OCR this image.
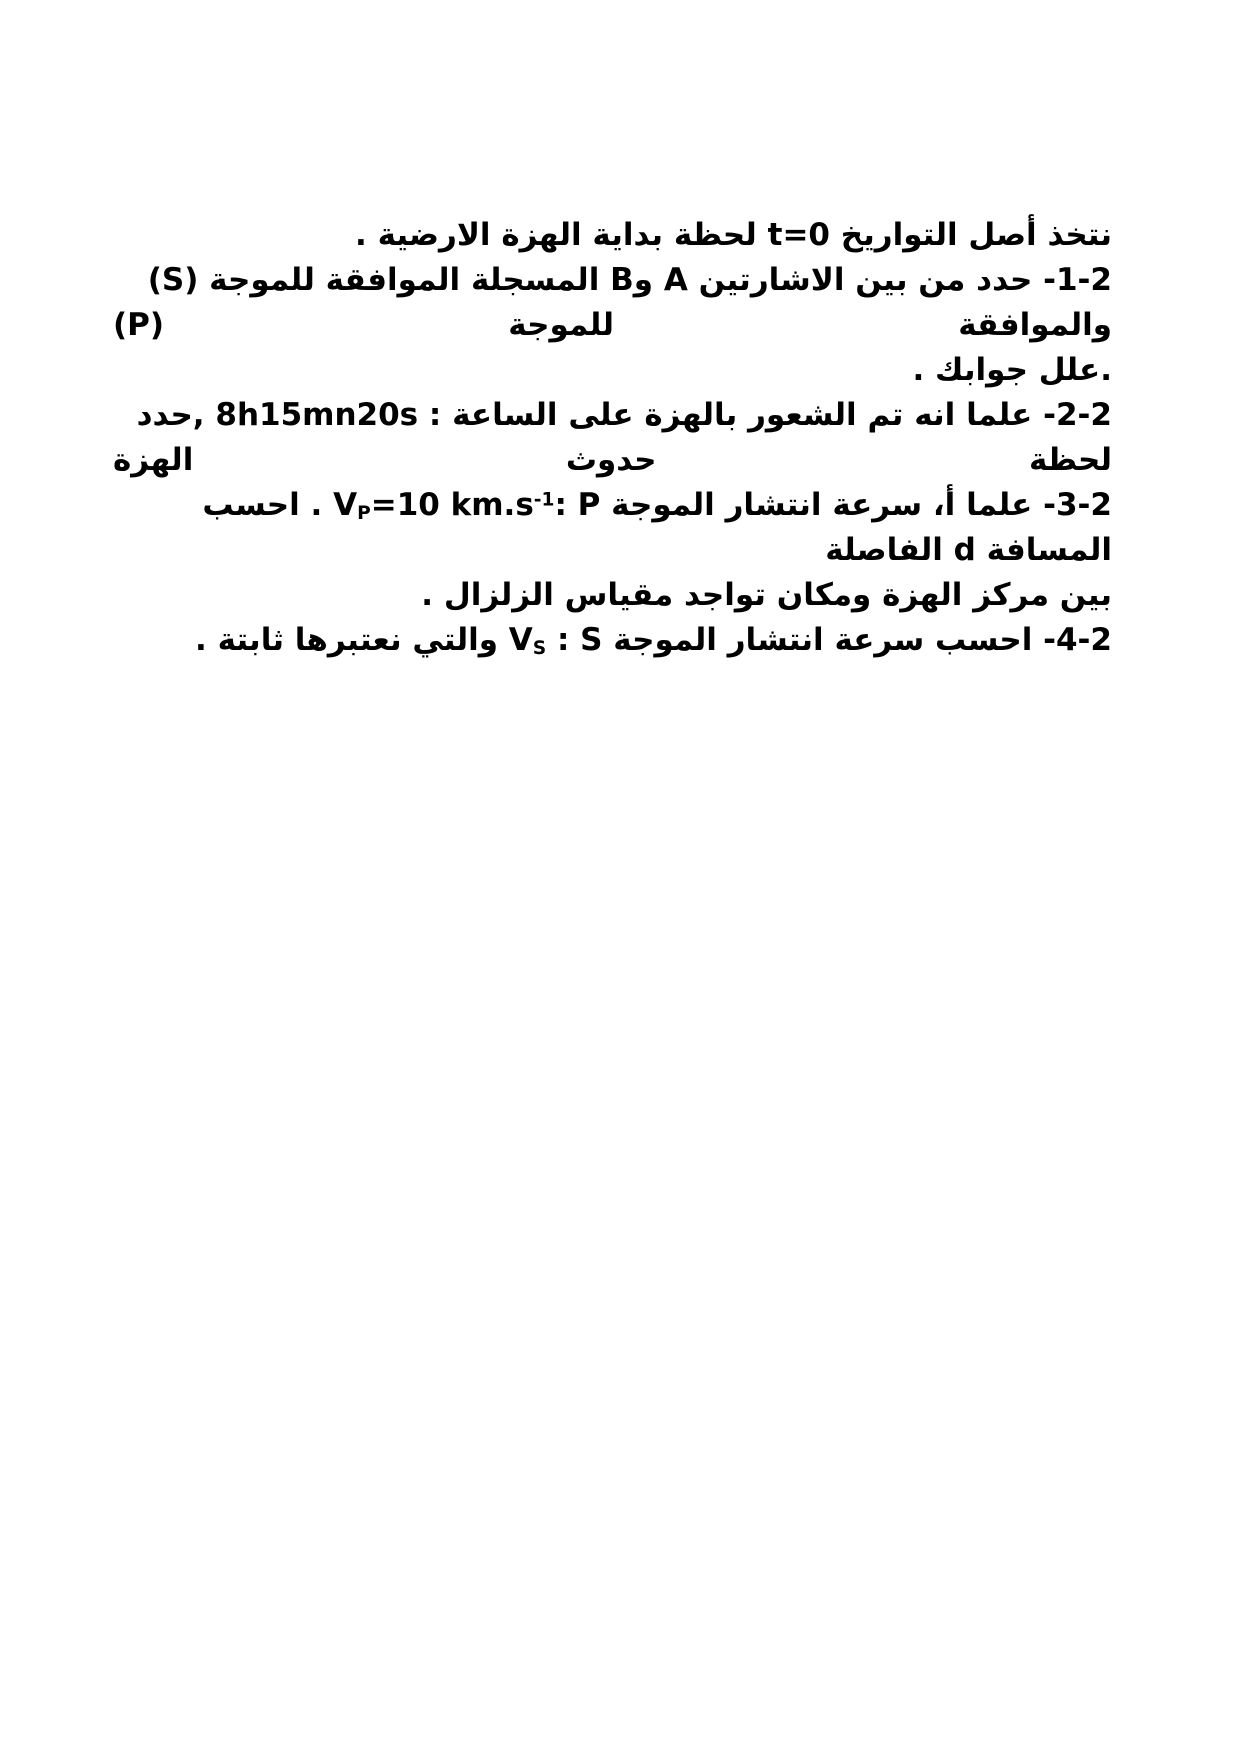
نتخذ أصل التواريخ t=0 لحظة بداية الهزة الارضية .
-1-2 حدد من بين الاشارتين A وB المسجلة الموافقة للموجة (S) والموافقة للموجة (P)
.علل جوابك .
-2-2 علما انه تم الشعور بالهزة على الساعة : 8h15mn20s ,حدد لحظة حدوث الهزة
-3-2 علما أ، سرعة انتشار الموجة $V_P=10$ $km.s^{-1}$: P . احسب المسافة d الفاصلة
بين مركز الهزة ومكان تواجد مقياس الزلزال .
-4-2 احسب سرعة انتشار الموجة $V_S$ : S والتي نعتبرها ثابتة .
